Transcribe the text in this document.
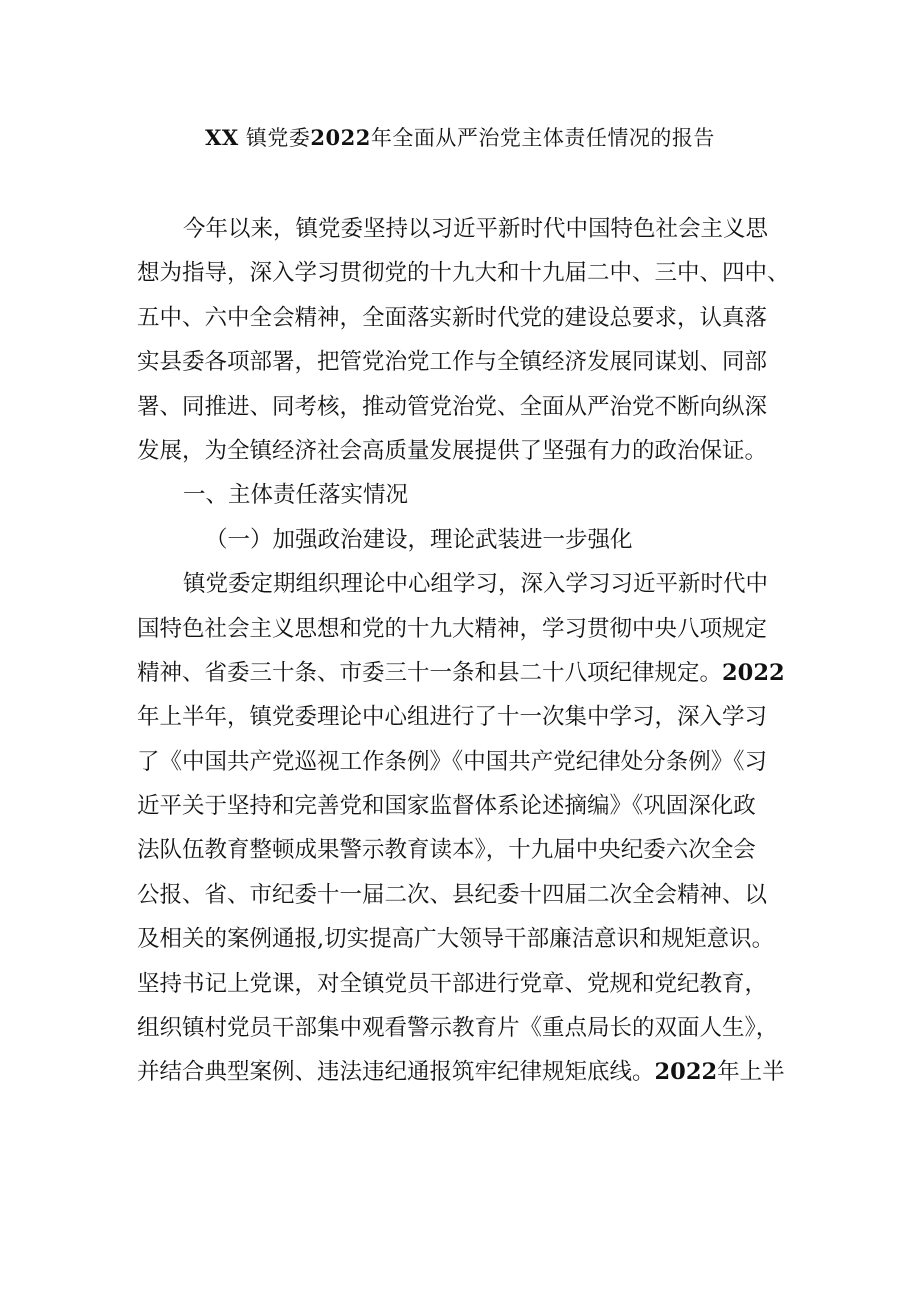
XX 镇党委2022年全面从严治党主体责任情况的报告
今年以来，镇党委坚持以习近平新时代中国特色社会主义思
想为指导，深入学习贯彻党的十九大和十九届二中、三中、四中、
五中、六中全会精神，全面落实新时代党的建设总要求，认真落
实县委各项部署，把管党治党工作与全镇经济发展同谋划、同部
署、同推进、同考核，推动管党治党、全面从严治党不断向纵深
发展，为全镇经济社会高质量发展提供了坚强有力的政治保证。
一、主体责任落实情况
（一）加强政治建设，理论武装进一步强化
镇党委定期组织理论中心组学习，深入学习习近平新时代中
国特色社会主义思想和党的十九大精神，学习贯彻中央八项规定
精神、省委三十条、市委三十一条和县二十八项纪律规定。2022
年上半年，镇党委理论中心组进行了十一次集中学习，深入学习
了《中国共产党巡视工作条例》《中国共产党纪律处分条例》《习
近平关于坚持和完善党和国家监督体系论述摘编》《巩固深化政
法队伍教育整顿成果警示教育读本》，十九届中央纪委六次全会
公报、省、市纪委十一届二次、县纪委十四届二次全会精神、以
及相关的案例通报,切实提高广大领导干部廉洁意识和规矩意识。
坚持书记上党课，对全镇党员干部进行党章、党规和党纪教育，
组织镇村党员干部集中观看警示教育片《重点局长的双面人生》，
并结合典型案例、违法违纪通报筑牢纪律规矩底线。2022年上半
